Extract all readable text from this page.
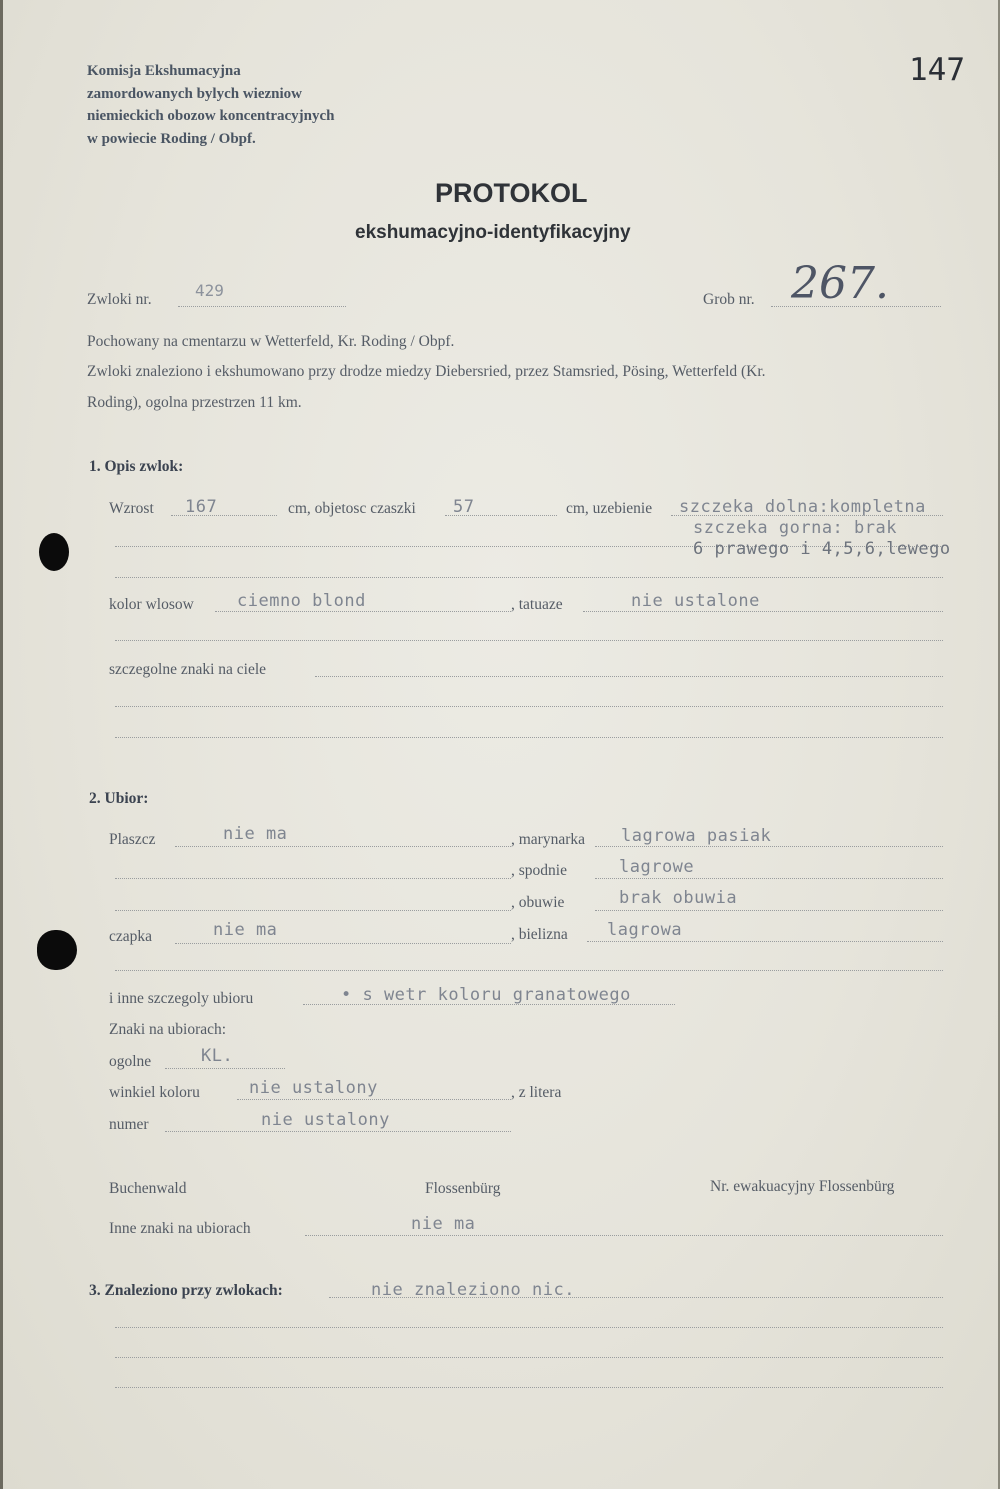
147
Komisja Ekshumacyjna
zamordowanych bylych wiezniow
niemieckich obozow koncentracyjnych
w powiecie Roding / Obpf.
PROTOKOL
ekshumacyjno-identyfikacyjny
Zwloki nr.	429	Grob nr. 267.
Pochowany na cmentarzu w Wetterfeld, Kr. Roding / Obpf.
Zwloki znaleziono i ekshumowano przy drodze miedzy Diebersried, przez Stamsried, Pösing, Wetterfeld (Kr.
Roding), ogolna przestrzen 11 km.
1. Opis zwlok:
Wzrost 167	cm, objetosc czaszki 57	cm, uzebienie szczeka dolna:kompletna
szczeka gorna: brak
6 prawego i 4,5,6,lewego
kolor wlosow	ciemno blond	, tatuaze	nie ustalone
szczegolne znaki na ciele
2. Ubior:
Plaszcz	nie ma	, marynarka lagrowa pasiak
, spodnie	lagrowe
, obuwie	brak obuwia
czapka	nie ma	, bielizna lagrowa
i inne szczegoly ubioru	• s wetr koloru granatowego
Znaki na ubiorach:
ogolne	KL.
winkiel koloru	nie ustalony	, z litera
numer	nie ustalony
Buchenwald	Flossenbürg	Nr. ewakuacyjny Flossenbürg
Inne znaki na ubiorach	nie ma
3. Znaleziono przy zwlokach:	nie znaleziono nic.
